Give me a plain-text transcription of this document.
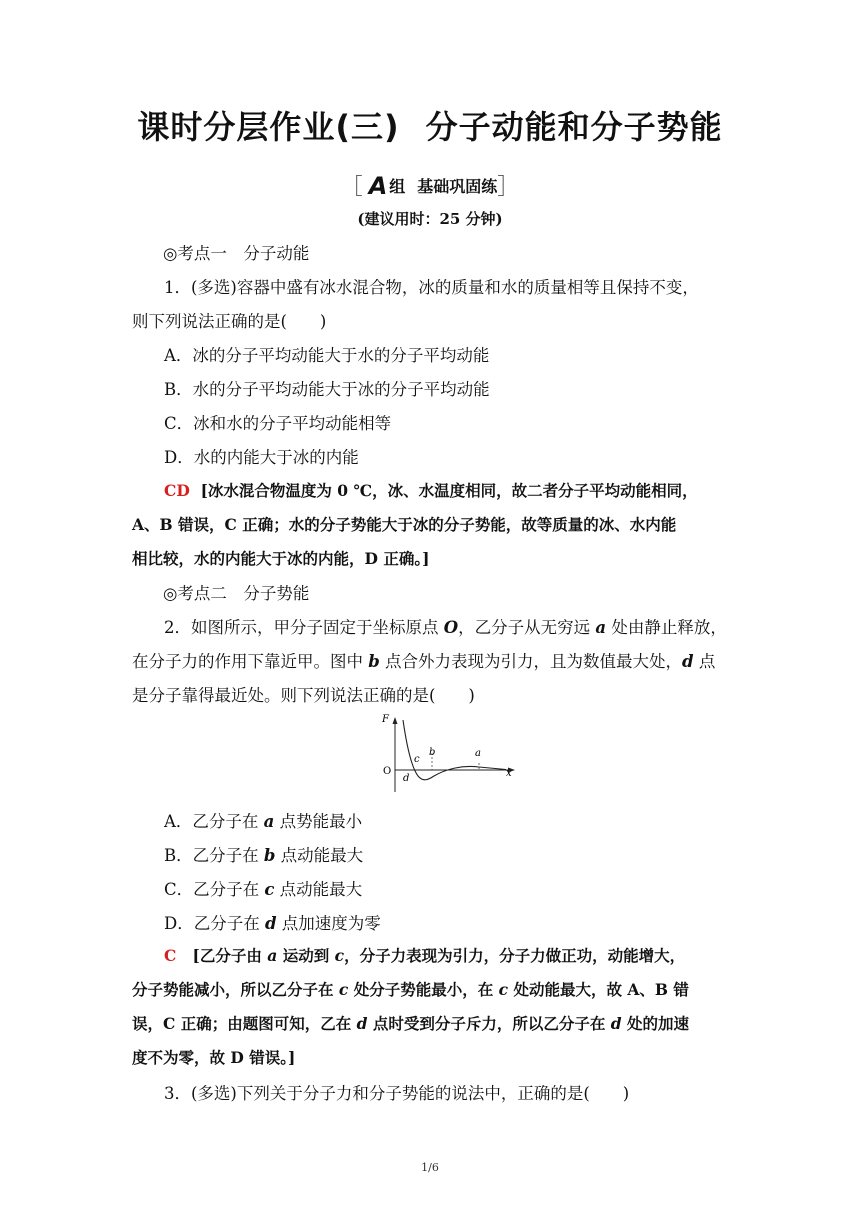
课时分层作业(三) 分子动能和分子势能
［ A 组 基础巩固练］
(建议用时：25 分钟)
◎考点一　分子动能
1．(多选)容器中盛有冰水混合物，冰的质量和水的质量相等且保持不变，
则下列说法正确的是(　　)
A．冰的分子平均动能大于水的分子平均动能
B．水的分子平均动能大于冰的分子平均动能
C．冰和水的分子平均动能相等
D．水的内能大于冰的内能
CD [冰水混合物温度为 0 ℃，冰、水温度相同，故二者分子平均动能相同，
A、B 错误，C 正确；水的分子势能大于冰的分子势能，故等质量的冰、水内能
相比较，水的内能大于冰的内能，D 正确。]
◎考点二　分子势能
2．如图所示，甲分子固定于坐标原点 O，乙分子从无穷远 a 处由静止释放，
在分子力的作用下靠近甲。图中 b 点合外力表现为引力，且为数值最大处，d 点
是分子靠得最近处。则下列说法正确的是(　　)
F
O
c
b	a
d	x
A．乙分子在 a 点势能最小
B．乙分子在 b 点动能最大
C．乙分子在 c 点动能最大
D．乙分子在 d 点加速度为零
C [乙分子由 a 运动到 c，分子力表现为引力，分子力做正功，动能增大，
分子势能减小，所以乙分子在 c 处分子势能最小，在 c 处动能最大，故 A、B 错
误，C 正确；由题图可知，乙在 d 点时受到分子斥力，所以乙分子在 d 处的加速
度不为零，故 D 错误。]
3．(多选)下列关于分子力和分子势能的说法中，正确的是(　　)
1/6
